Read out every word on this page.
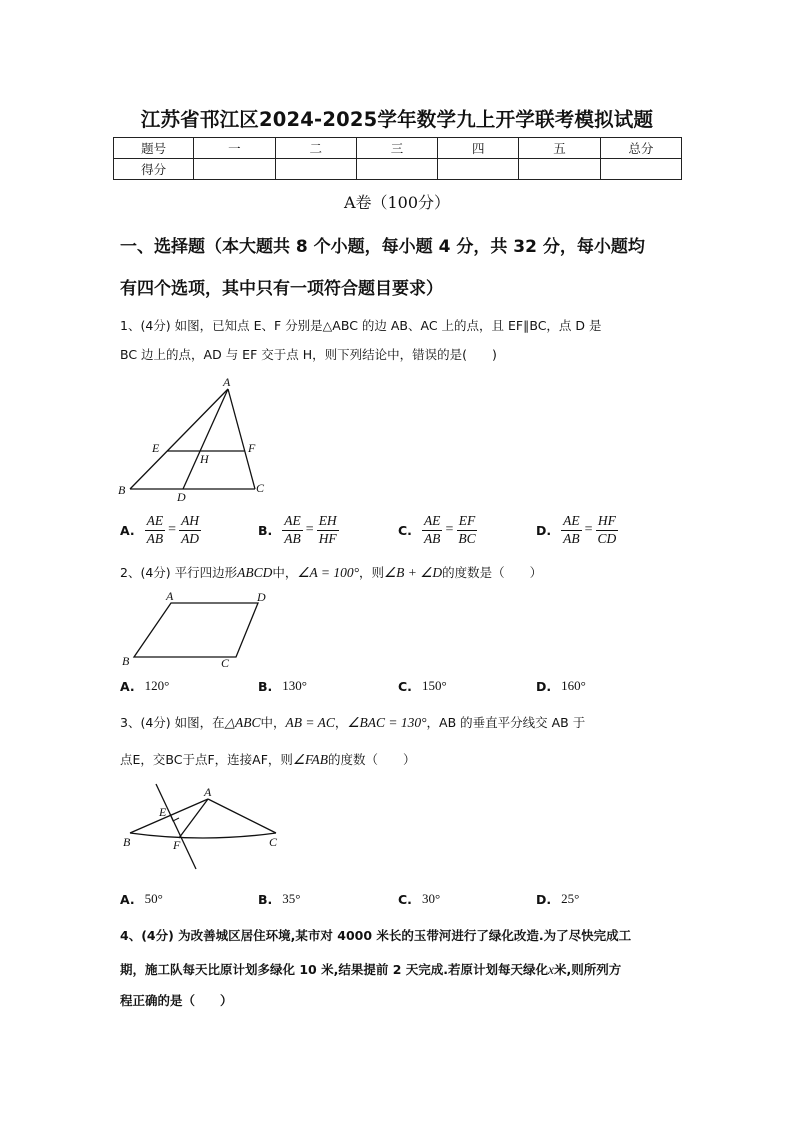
江苏省邗江区2024-2025学年数学九上开学联考模拟试题
题号	一	二	三	四	五	总分
得分						
A卷（100分）
一、选择题（本大题共 8 个小题，每小题 4 分，共 32 分，每小题均
有四个选项，其中只有一项符合题目要求）
1、(4分) 如图，已知点 E、F 分别是△ABC 的边 AB、AC 上的点，且 EF∥BC，点 D 是
BC 边上的点，AD 与 EF 交于点 H，则下列结论中，错误的是(　　)
A
E	F
H
B	D
C
A. $\frac{AE}{AB} = \frac{AH}{AD}$	B. $\frac{AE}{AB} = \frac{EH}{HF}$	C. $\frac{AE}{AB} = \frac{EF}{BC}$	D. $\frac{AE}{AB} = \frac{HF}{CD}$
2、(4分) 平行四边形ABCD中，∠A = 100°，则∠B + ∠D的度数是（　　）
A	D
B	C
A. 120°	B. 130°	C. 150°	D. 160°
3、(4分) 如图，在△ABC中，AB = AC，∠BAC = 130°，AB 的垂直平分线交 AB 于
点E，交BC于点F，连接AF，则∠FAB的度数（　　）
A
E
B	F	C
A. 50°	B. 35°	C. 30°	D. 25°
4、(4分) 为改善城区居住环境,某市对 4000 米长的玉带河进行了绿化改造.为了尽快完成工
期，施工队每天比原计划多绿化 10 米,结果提前 2 天完成.若原计划每天绿化x米,则所列方
程正确的是（　　）
